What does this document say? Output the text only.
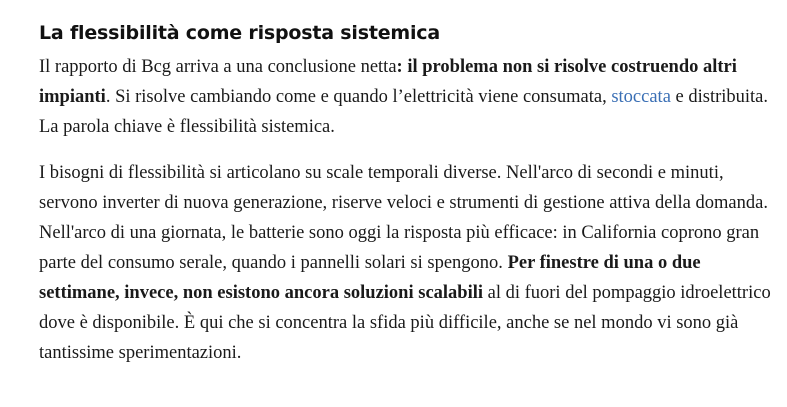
La flessibilità come risposta sistemica

Il rapporto di Bcg arriva a una conclusione netta: il problema non si risolve costruendo altri impianti. Si risolve cambiando come e quando l’elettricità viene consumata, stoccata e distribuita. La parola chiave è flessibilità sistemica.

I bisogni di flessibilità si articolano su scale temporali diverse. Nell'arco di secondi e minuti, servono inverter di nuova generazione, riserve veloci e strumenti di gestione attiva della domanda. Nell'arco di una giornata, le batterie sono oggi la risposta più efficace: in California coprono gran parte del consumo serale, quando i pannelli solari si spengono. Per finestre di una o due settimane, invece, non esistono ancora soluzioni scalabili al di fuori del pompaggio idroelettrico dove è disponibile. È qui che si concentra la sfida più difficile, anche se nel mondo vi sono già tantissime sperimentazioni.
